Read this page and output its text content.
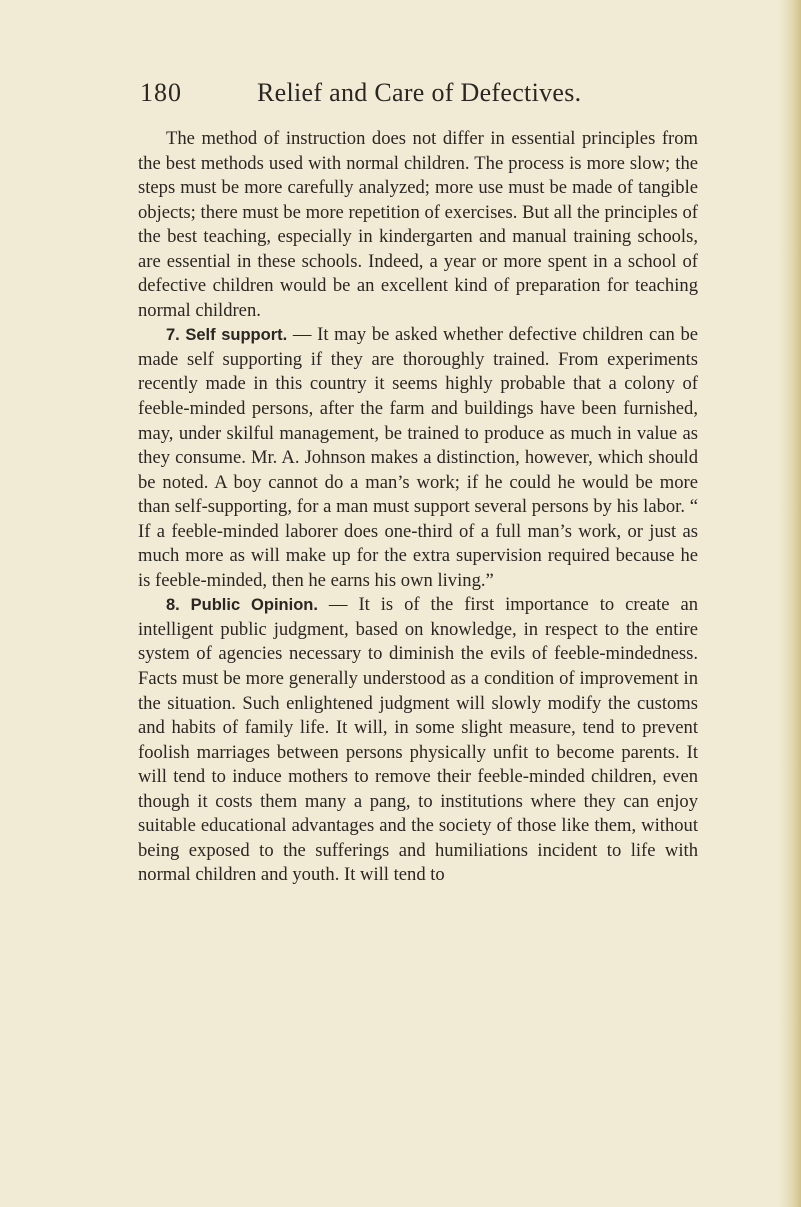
180	Relief and Care of Defectives.

The method of instruction does not differ in essential principles from the best methods used with normal children. The process is more slow; the steps must be more carefully analyzed; more use must be made of tangible objects; there must be more repetition of exercises. But all the principles of the best teaching, especially in kindergarten and manual training schools, are essential in these schools. Indeed, a year or more spent in a school of defective children would be an excellent kind of preparation for teaching normal children.

7. Self support. — It may be asked whether defective children can be made self supporting if they are thoroughly trained. From experiments recently made in this country it seems highly probable that a colony of feeble-minded persons, after the farm and buildings have been furnished, may, under skilful management, be trained to produce as much in value as they consume. Mr. A. Johnson makes a distinction, however, which should be noted. A boy cannot do a man’s work; if he could he would be more than self-supporting, for a man must support several persons by his labor. “ If a feeble-minded laborer does one-third of a full man’s work, or just as much more as will make up for the extra supervision required because he is feeble-minded, then he earns his own living.”

8. Public Opinion. — It is of the first importance to create an intelligent public judgment, based on knowledge, in respect to the entire system of agencies necessary to diminish the evils of feeble-mindedness. Facts must be more generally understood as a condition of improvement in the situation. Such enlightened judgment will slowly modify the customs and habits of family life. It will, in some slight measure, tend to prevent foolish marriages between persons physically unfit to become parents. It will tend to induce mothers to remove their feeble-minded children, even though it costs them many a pang, to institutions where they can enjoy suitable educational advantages and the society of those like them, without being exposed to the sufferings and humiliations incident to life with normal children and youth. It will tend to
